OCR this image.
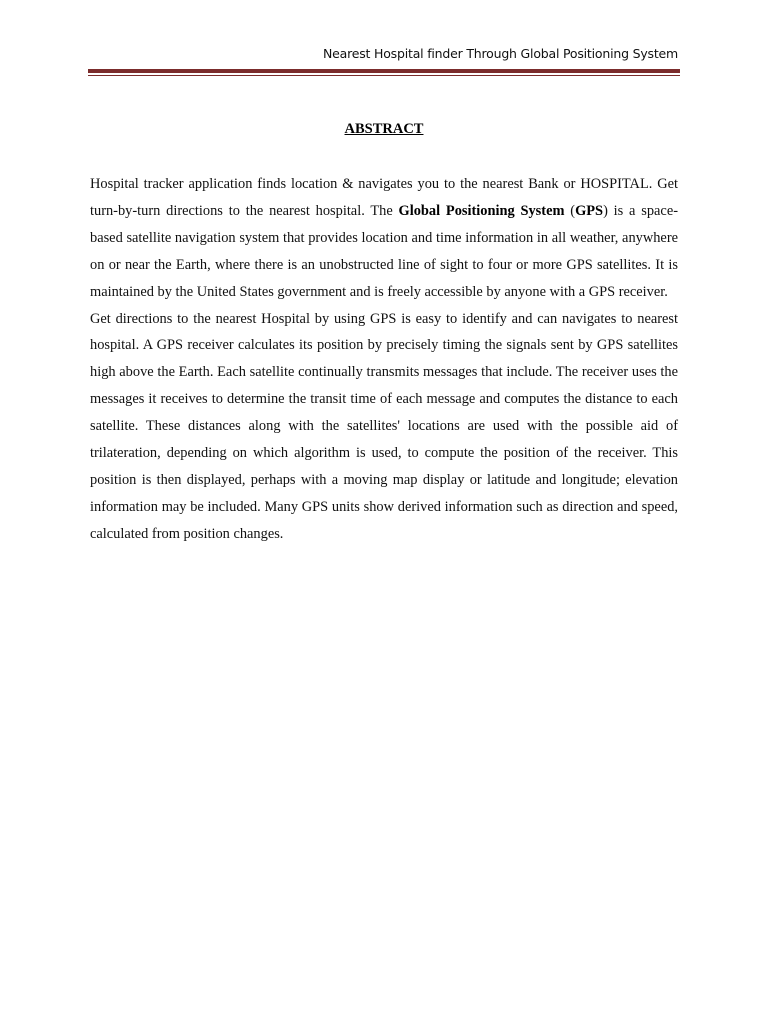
Nearest Hospital finder Through Global Positioning System
ABSTRACT

Hospital tracker application finds location & navigates you to the nearest Bank or HOSPITAL. Get turn-by-turn directions to the nearest hospital. The Global Positioning System (GPS) is a space-based satellite navigation system that provides location and time information in all weather, anywhere on or near the Earth, where there is an unobstructed line of sight to four or more GPS satellites. It is maintained by the United States government and is freely accessible by anyone with a GPS receiver.

Get directions to the nearest Hospital by using GPS is easy to identify and can navigates to nearest hospital. A GPS receiver calculates its position by precisely timing the signals sent by GPS satellites high above the Earth. Each satellite continually transmits messages that include. The receiver uses the messages it receives to determine the transit time of each message and computes the distance to each satellite. These distances along with the satellites' locations are used with the possible aid of trilateration, depending on which algorithm is used, to compute the position of the receiver. This position is then displayed, perhaps with a moving map display or latitude and longitude; elevation information may be included. Many GPS units show derived information such as direction and speed, calculated from position changes.
